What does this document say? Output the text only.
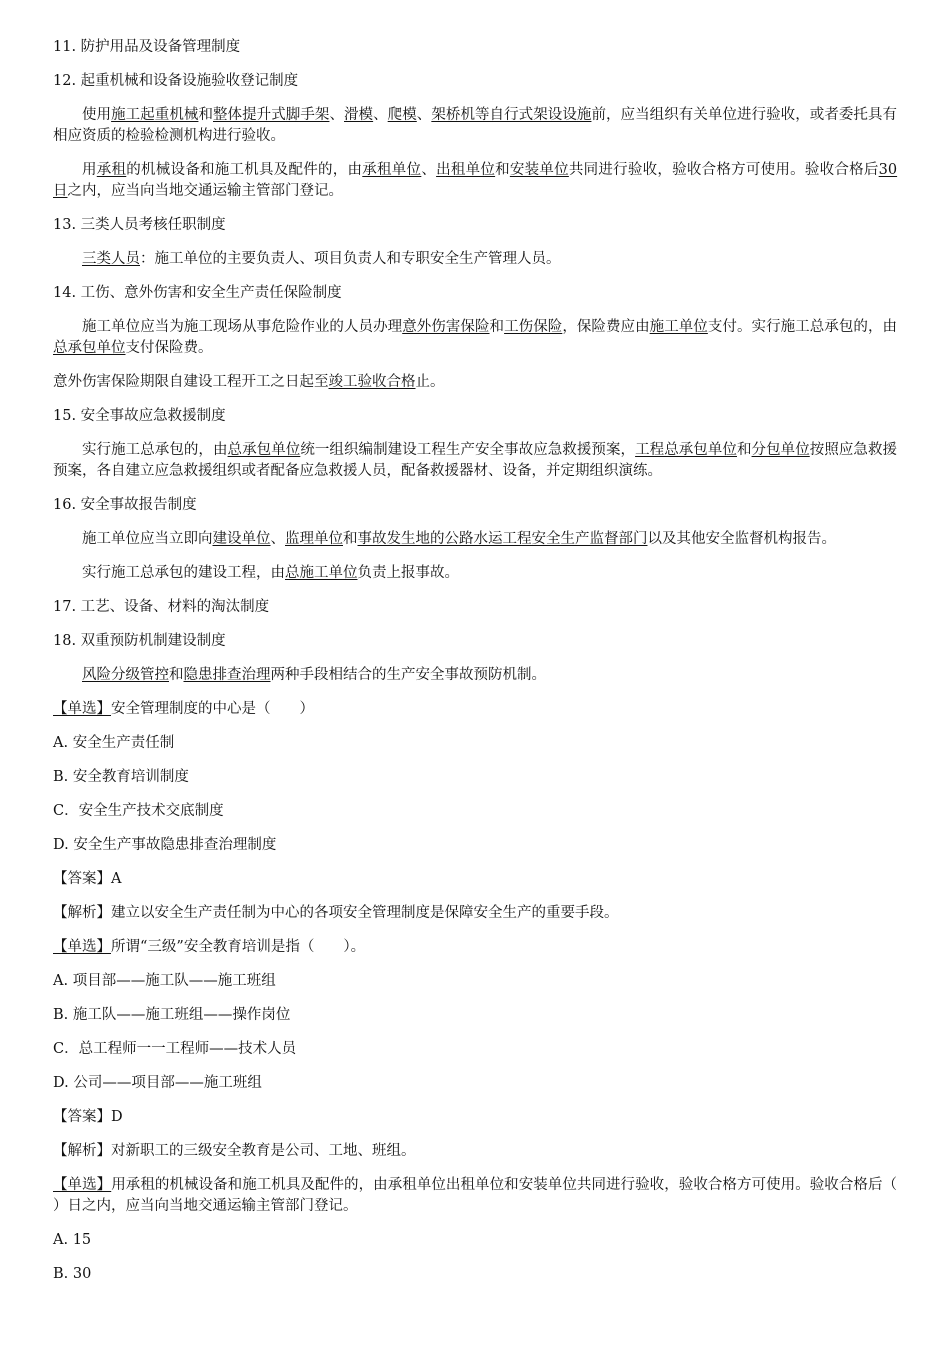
11. 防护用品及设备管理制度
12. 起重机械和设备设施验收登记制度
使用施工起重机械和整体提升式脚手架、滑模、爬模、架桥机等自行式架设设施前，应当组织有关单位进行验收，或者委托具有相应资质的检验检测机构进行验收。
用承租的机械设备和施工机具及配件的，由承租单位、出租单位和安装单位共同进行验收，验收合格方可使用。验收合格后30日之内，应当向当地交通运输主管部门登记。
13. 三类人员考核任职制度
三类人员：施工单位的主要负责人、项目负责人和专职安全生产管理人员。
14. 工伤、意外伤害和安全生产责任保险制度
施工单位应当为施工现场从事危险作业的人员办理意外伤害保险和工伤保险，保险费应由施工单位支付。实行施工总承包的，由总承包单位支付保险费。
意外伤害保险期限自建设工程开工之日起至竣工验收合格止。
15. 安全事故应急救援制度
实行施工总承包的，由总承包单位统一组织编制建设工程生产安全事故应急救援预案，工程总承包单位和分包单位按照应急救援预案，各自建立应急救援组织或者配备应急救援人员，配备救援器材、设备，并定期组织演练。
16. 安全事故报告制度
施工单位应当立即向建设单位、监理单位和事故发生地的公路水运工程安全生产监督部门以及其他安全监督机构报告。
实行施工总承包的建设工程，由总施工单位负责上报事故。
17. 工艺、设备、材料的淘汰制度
18. 双重预防机制建设制度
风险分级管控和隐患排查治理两种手段相结合的生产安全事故预防机制。
【单选】安全管理制度的中心是（　　）
A. 安全生产责任制
B. 安全教育培训制度
C．安全生产技术交底制度
D. 安全生产事故隐患排查治理制度
【答案】A
【解析】建立以安全生产责任制为中心的各项安全管理制度是保障安全生产的重要手段。
【单选】所谓“三级”安全教育培训是指（　　）。
A. 项目部——施工队——施工班组
B. 施工队——施工班组——操作岗位
C．总工程师一一工程师——技术人员
D. 公司——项目部——施工班组
【答案】D
【解析】对新职工的三级安全教育是公司、工地、班组。
【单选】用承租的机械设备和施工机具及配件的，由承租单位出租单位和安装单位共同进行验收，验收合格方可使用。验收合格后（ ）日之内，应当向当地交通运输主管部门登记。
A. 15
B. 30
